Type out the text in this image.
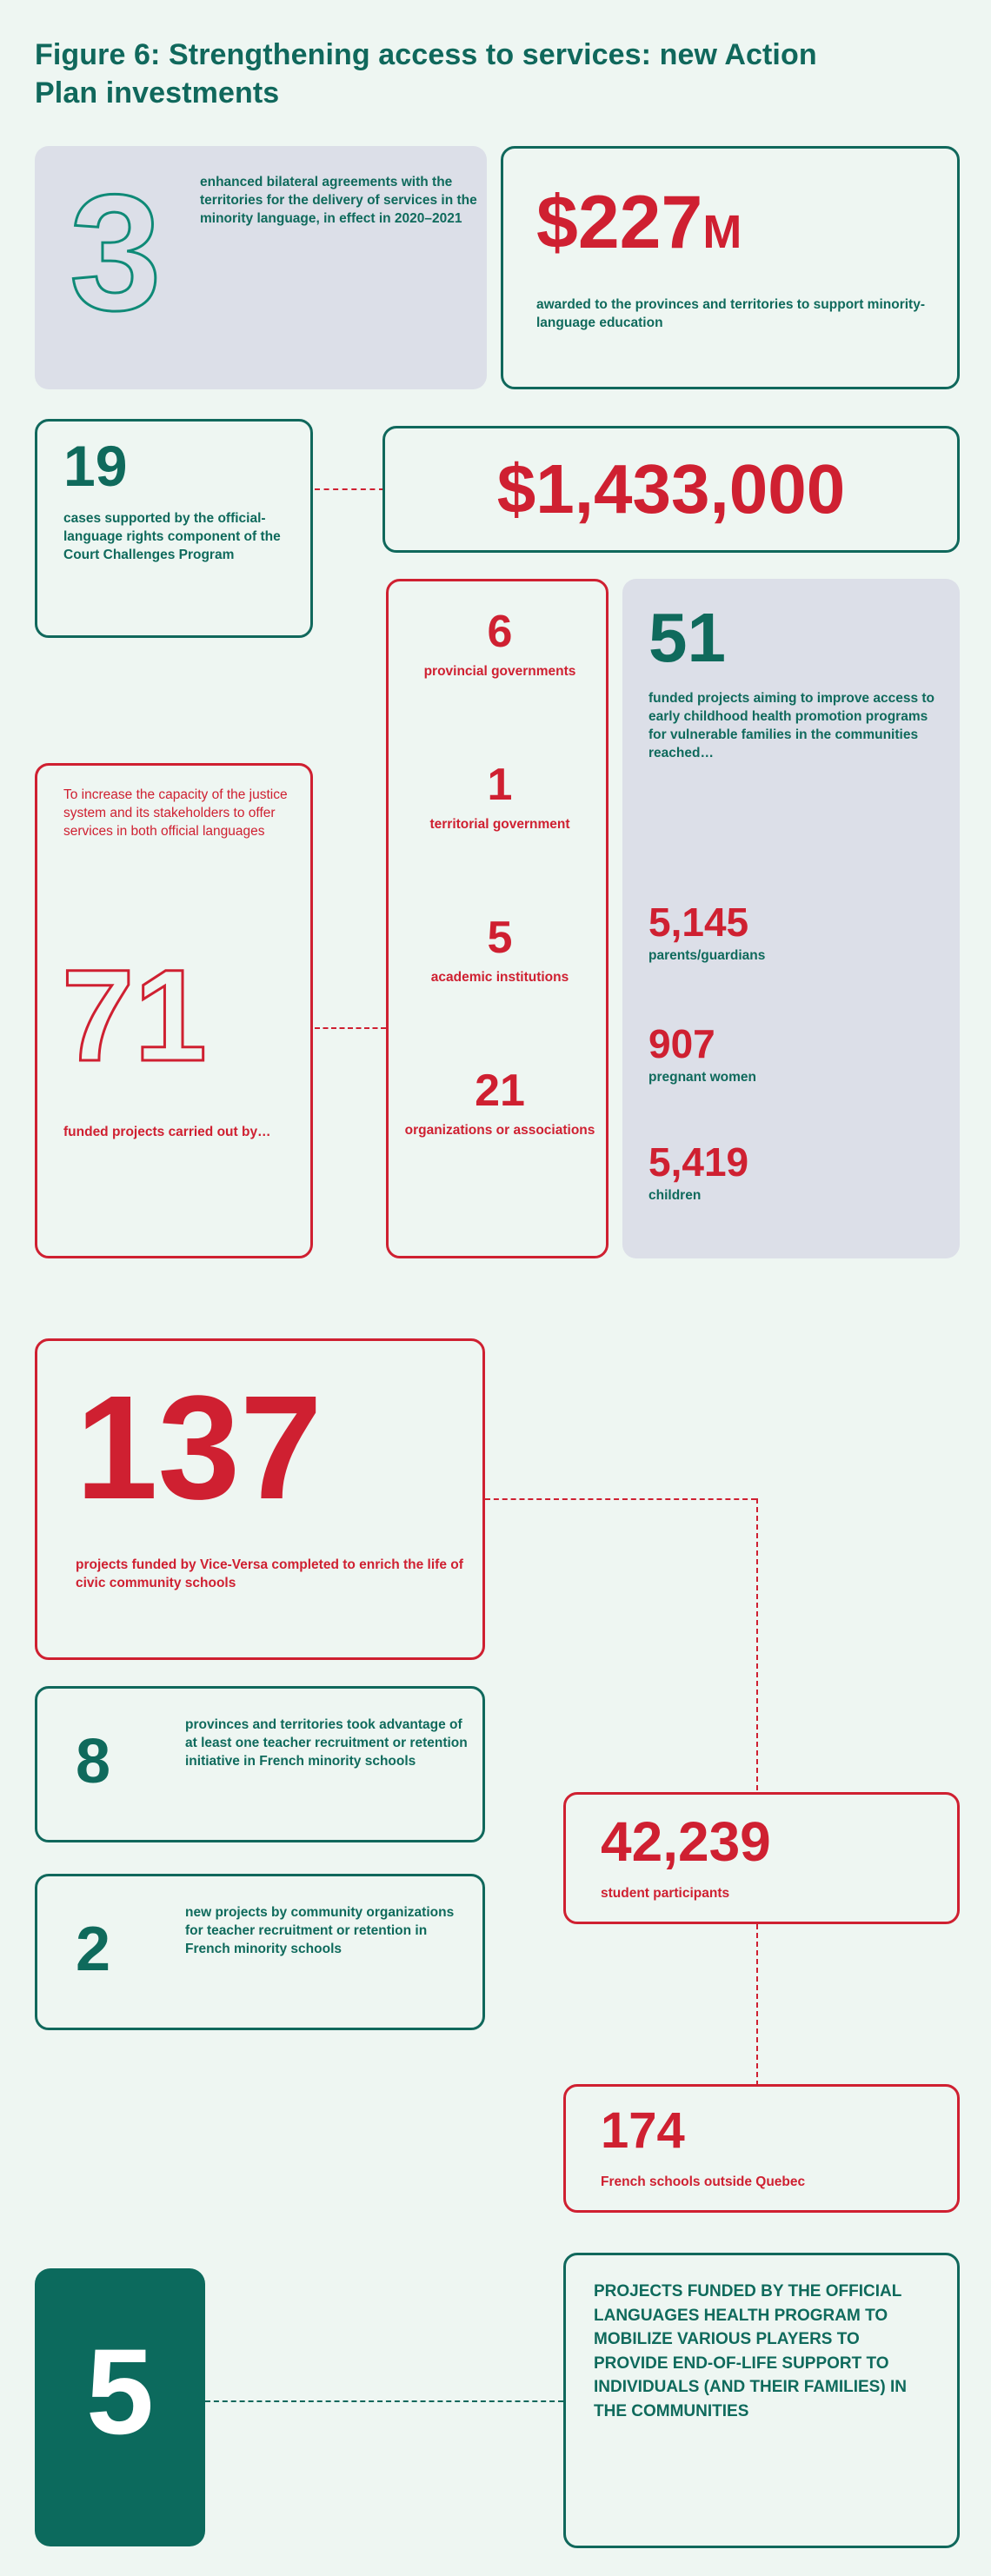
Figure 6: Strengthening access to services: new Action Plan investments
3	enhanced bilateral agreements with the territories for the delivery of services in the minority language, in effect in 2020–2021 $227M
awarded to the provinces and territories to support minority-language education
19
cases supported by the official-language rights component of the Court Challenges Program
$1,433,000
6
provincial governments
1
territorial government
5
academic institutions
21
organizations or associations
51
funded projects aiming to improve access to early childhood health promotion programs for vulnerable families in the communities reached…
5,145
parents/guardians
907
pregnant women
5,419
children
To increase the capacity of the justice system and its stakeholders to offer services in both official languages
71
funded projects carried out by…
137
projects funded by Vice-Versa completed to enrich the life of civic community schools
8
provinces and territories took advantage of at least one teacher recruitment or retention initiative in French minority schools
2
new projects by community organizations for teacher recruitment or retention in French minority schools
42,239
student participants
174
French schools outside Quebec
5
PROJECTS FUNDED BY THE OFFICIAL LANGUAGES HEALTH PROGRAM TO MOBILIZE VARIOUS PLAYERS TO PROVIDE END-OF-LIFE SUPPORT TO INDIVIDUALS (AND THEIR FAMILIES) IN THE COMMUNITIES
